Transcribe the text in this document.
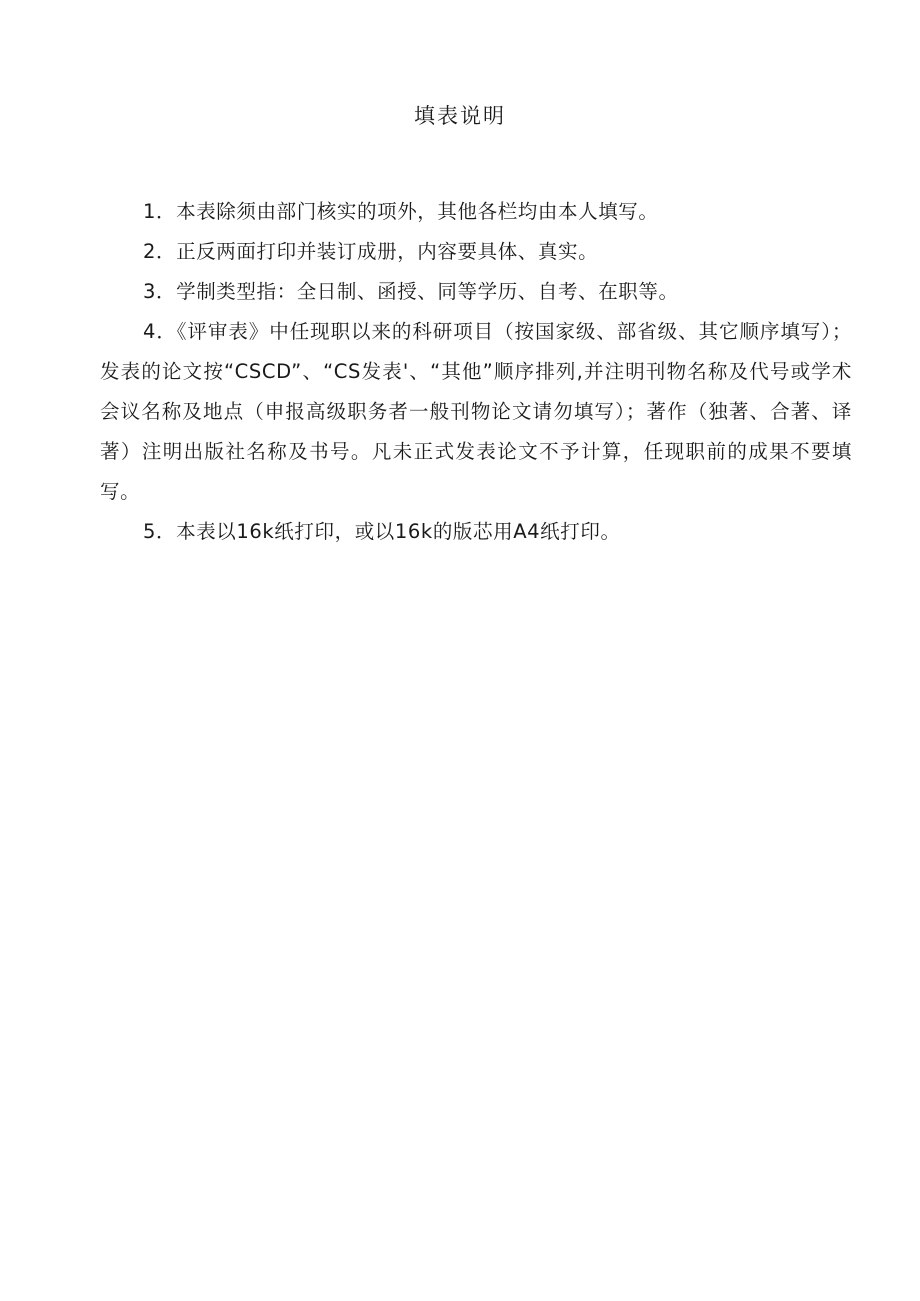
填表说明
1．本表除须由部门核实的项外，其他各栏均由本人填写。
2．正反两面打印并装订成册，内容要具体、真实。
3．学制类型指：全日制、函授、同等学历、自考、在职等。
4．《评审表》中任现职以来的科研项目（按国家级、部省级、其它顺序填写）；发表的论文按“CSCD”、“CS发表'、“其他”顺序排列,并注明刊物名称及代号或学术会议名称及地点（申报高级职务者一般刊物论文请勿填写）；著作（独著、合著、译著）注明出版社名称及书号。凡未正式发表论文不予计算，任现职前的成果不要填写。
5．本表以16k纸打印，或以16k的版芯用A4纸打印。
